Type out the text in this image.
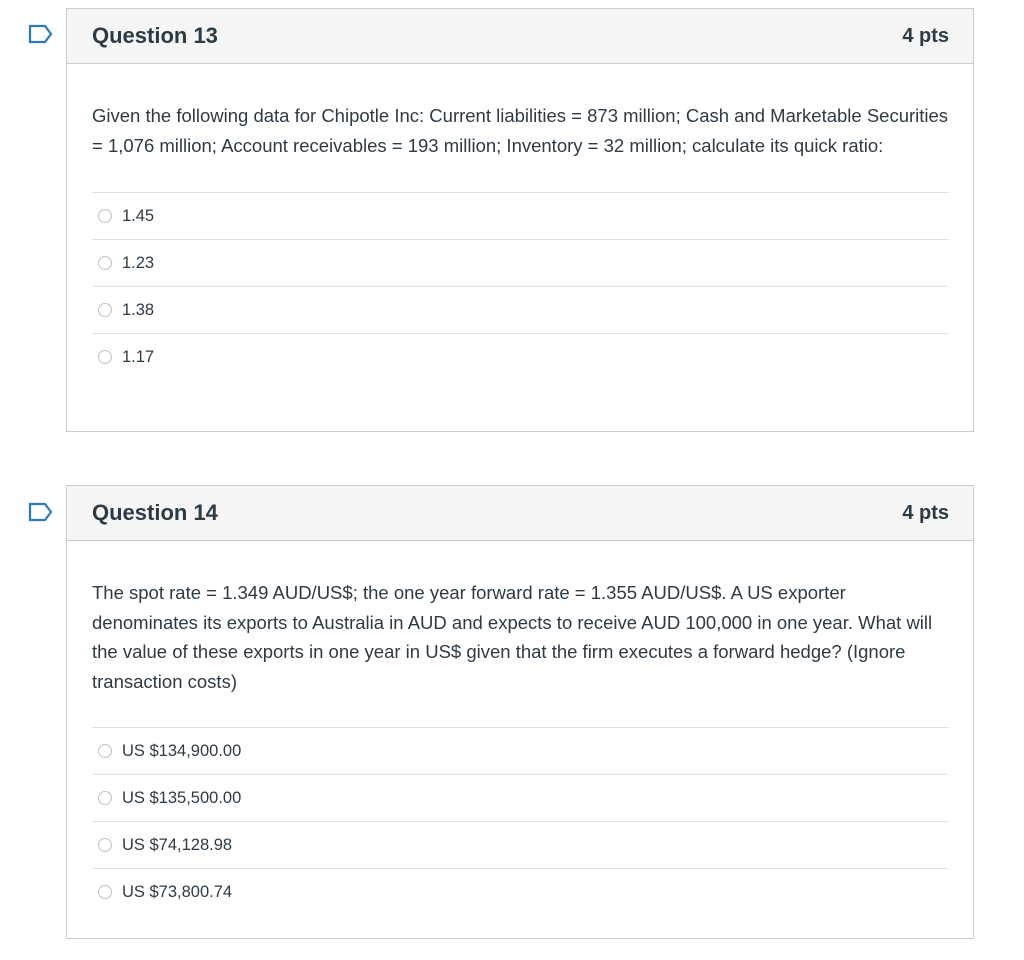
Question 13	4 pts
Given the following data for Chipotle Inc: Current liabilities = 873 million; Cash and Marketable Securities = 1,076 million; Account receivables = 193 million; Inventory = 32 million; calculate its quick ratio:
1.45
1.23
1.38
1.17
Question 14	4 pts
The spot rate = 1.349 AUD/US$; the one year forward rate = 1.355 AUD/US$. A US exporter denominates its exports to Australia in AUD and expects to receive AUD 100,000 in one year. What will the value of these exports in one year in US$ given that the firm executes a forward hedge? (Ignore transaction costs)
US $134,900.00
US $135,500.00
US $74,128.98
US $73,800.74
